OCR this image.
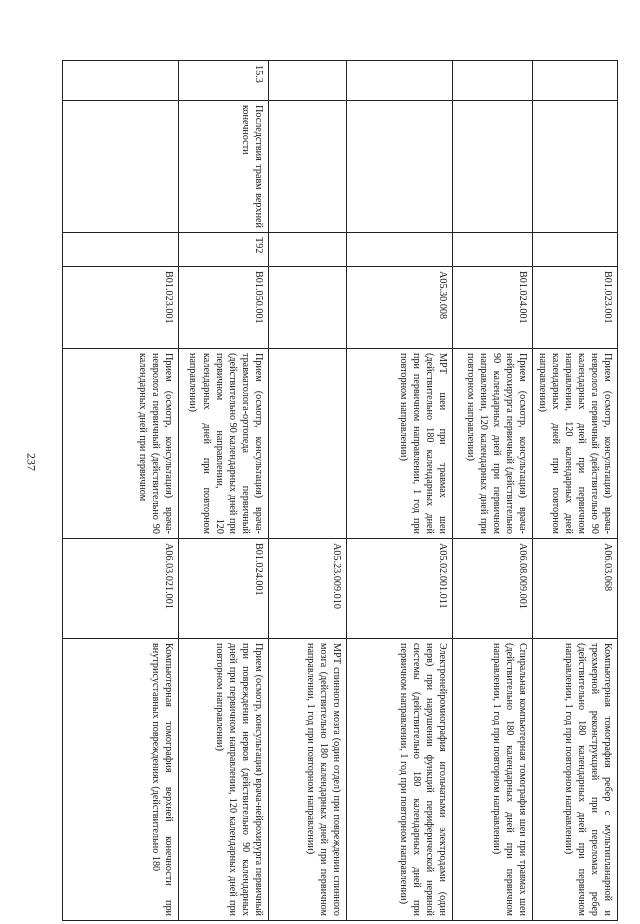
237
			B01.023.001	Прием (осмотр, консультация) врача-невролога первичный (действительно 90 календарных дней при первичном направлении, 120 календарных дней календарных дней при повторном направлении)	A06.03.068	Компьютерная томография ребер с мультипланарной и трехмерной реконструкцией при переломах ребер (действительно 180 календарных дней при первичном направлении, 1 год при повторном направлении)
			B01.024.001	Прием (осмотр, консультация) врача-нейрохирурга первичный (действительно 90 календарных дней при первичном направлении, 120 календарных дней при повторном направлении)	A06.08.009.001	Спиральная компьютерная томография шеи при травмах шеи (действительно 180 календарных дней при первичном направлении, 1 год при повторном направлении)
			A05.30.008	МРТ шеи при травмах шеи (действительно 180 календарных дней при первичном направлении, 1 год при повторном направлении)	A05.02.001.011	Электронейромиография игольчатыми электродами (один нерв) при нарушении функций периферической нервной системы (действительно 180 календарных дней при первичном направлении, 1 год при повторном направлении)
					A05.23.009.010	МРТ спинного мозга (один отдел) при повреждении спинного мозга (действительно 180 календарных дней при первичном направлении, 1 год при повторном направлении)
15.3	Последствия травм верхней конечности	T92	B01.050.001	Прием (осмотр, консультация) врача-травматолога-ортопеда первичный (действительно 90 календарных дней при первичном направлении, 120 календарных дней при повторном направлении)	B01.024.001	Прием (осмотр, консультация) врача-нейрохирурга первичный при повреждении нервов (действительно 90 календарных дней при первичном направлении, 120 календарных дней при повторном направлении)
			B01.023.001	Прием (осмотр, консультация) врача-невролога первичный (действительно 90 календарных дней при первичном	A06.03.021.001	Компьютерная томография верхней конечности при внутрисуставных повреждениях (действительно 180
